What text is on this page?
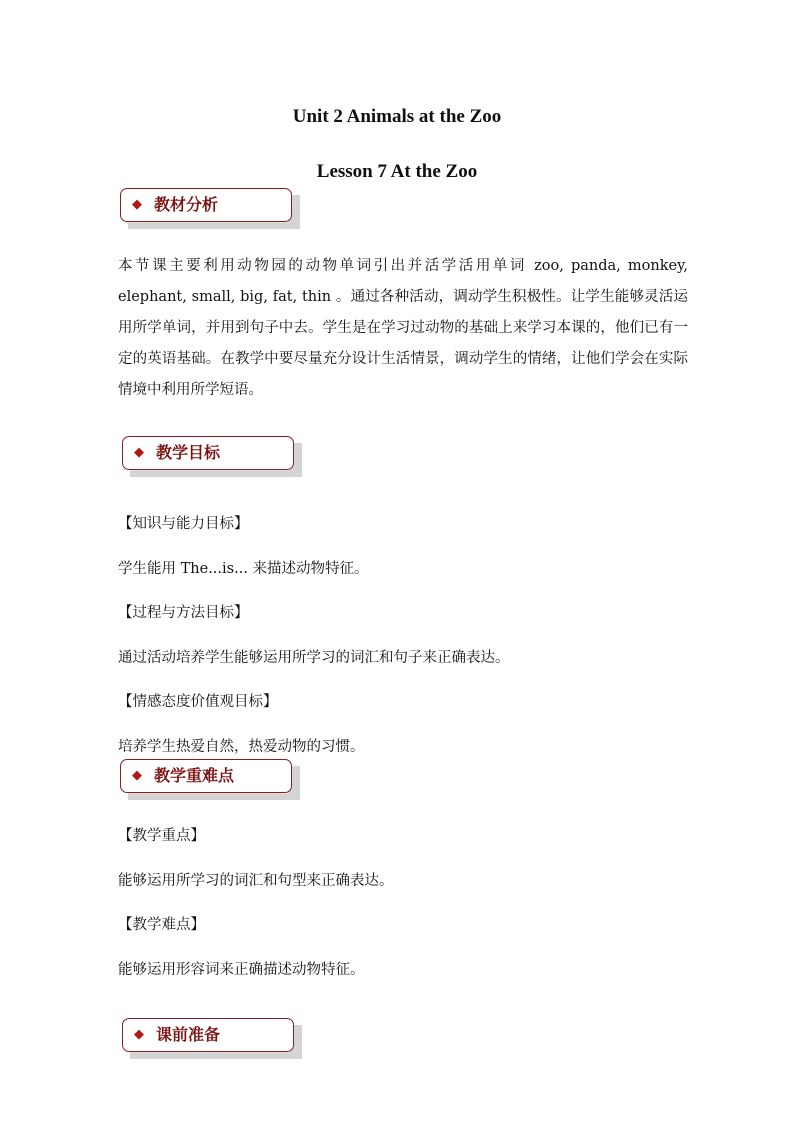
Unit 2 Animals at the Zoo
Lesson 7 At the Zoo
◆ 教材分析
本节课主要利用动物园的动物单词引出并活学活用单词 zoo, panda, monkey, elephant, small, big, fat, thin 。通过各种活动，调动学生积极性。让学生能够灵活运用所学单词，并用到句子中去。学生是在学习过动物的基础上来学习本课的，他们已有一定的英语基础。在教学中要尽量充分设计生活情景，调动学生的情绪，让他们学会在实际情境中利用所学短语。
◆ 教学目标
【知识与能力目标】
学生能用 The...is... 来描述动物特征。
【过程与方法目标】
通过活动培养学生能够运用所学习的词汇和句子来正确表达。
【情感态度价值观目标】
培养学生热爱自然，热爱动物的习惯。
◆ 教学重难点
【教学重点】
能够运用所学习的词汇和句型来正确表达。
【教学难点】
能够运用形容词来正确描述动物特征。
◆ 课前准备
